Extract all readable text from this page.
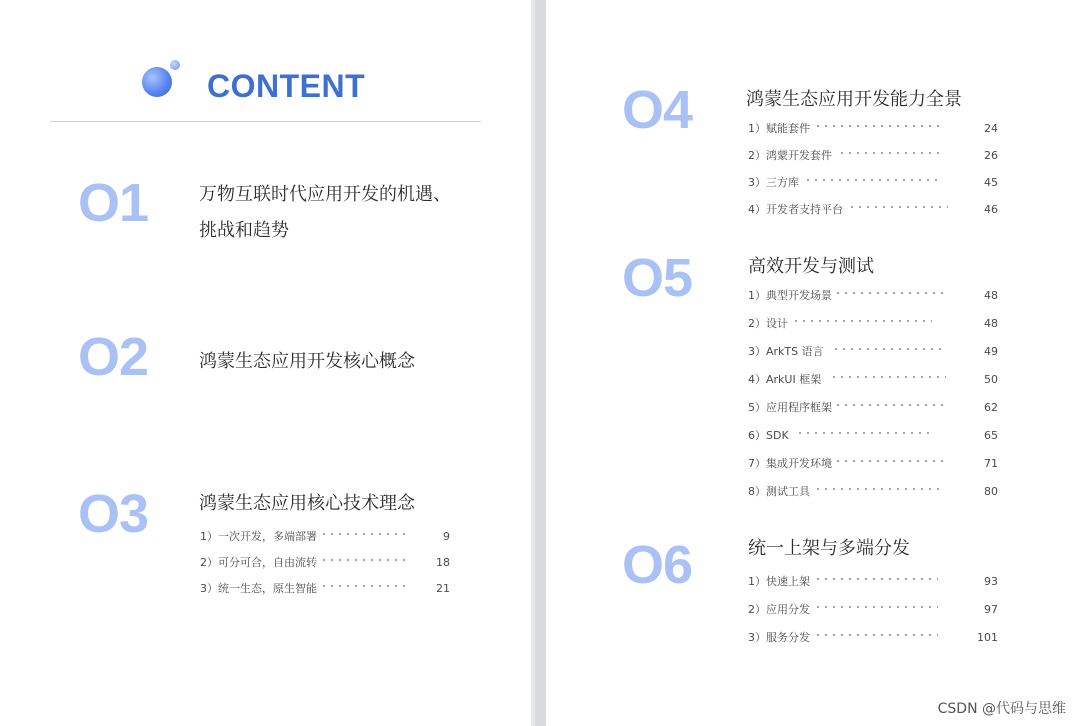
CONTENT
O1	万物互联时代应用开发的机遇、
挑战和趋势
O2	鸿蒙生态应用开发核心概念
O3	鸿蒙生态应用核心技术理念
1）一次开发，多端部署	9
2）可分可合，自由流转	18
3）统一生态，原生智能	21
O4	鸿蒙生态应用开发能力全景
1）赋能套件	24
2）鸿蒙开发套件	26
3）三方库	45
4）开发者支持平台	46
O5	高效开发与测试
1）典型开发场景	48
2）设计	48
3）ArkTS 语言	49
4）ArkUI 框架	50
5）应用程序框架	62
6）SDK	65
7）集成开发环境	71
8）测试工具	80
O6	统一上架与多端分发
1）快速上架	93
2）应用分发	97
3）服务分发	101
CSDN @代码与思维
